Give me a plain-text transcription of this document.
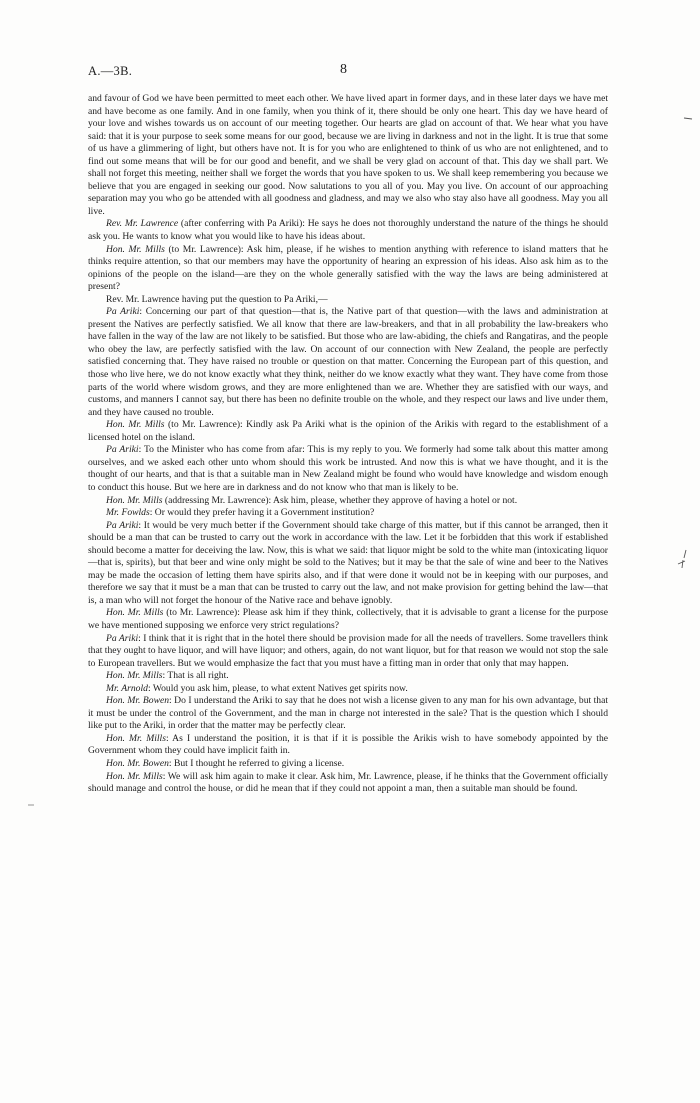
A.—3B.	8

and favour of God we have been permitted to meet each other. We have lived apart in former days, and in these later days we have met and have become as one family. And in one family, when you think of it, there should be only one heart. This day we have heard of your love and wishes towards us on account of our meeting together. Our hearts are glad on account of that. We hear what you have said: that it is your purpose to seek some means for our good, because we are living in darkness and not in the light. It is true that some of us have a glimmering of light, but others have not. It is for you who are enlightened to think of us who are not enlightened, and to find out some means that will be for our good and benefit, and we shall be very glad on account of that. This day we shall part. We shall not forget this meeting, neither shall we forget the words that you have spoken to us. We shall keep remembering you because we believe that you are engaged in seeking our good. Now salutations to you all of you. May you live. On account of our approaching separation may you who go be attended with all goodness and gladness, and may we also who stay also have all goodness. May you all live.

Rev. Mr. Lawrence (after conferring with Pa Ariki): He says he does not thoroughly understand the nature of the things he should ask you. He wants to know what you would like to have his ideas about.

Hon. Mr. Mills (to Mr. Lawrence): Ask him, please, if he wishes to mention anything with reference to island matters that he thinks require attention, so that our members may have the opportunity of hearing an expression of his ideas. Also ask him as to the opinions of the people on the island—are they on the whole generally satisfied with the way the laws are being administered at present?

Rev. Mr. Lawrence having put the question to Pa Ariki,—

Pa Ariki: Concerning our part of that question—that is, the Native part of that question—with the laws and administration at present the Natives are perfectly satisfied. We all know that there are law-breakers, and that in all probability the law-breakers who have fallen in the way of the law are not likely to be satisfied. But those who are law-abiding, the chiefs and Rangatiras, and the people who obey the law, are perfectly satisfied with the law. On account of our connection with New Zealand, the people are perfectly satisfied concerning that. They have raised no trouble or question on that matter. Concerning the European part of this question, and those who live here, we do not know exactly what they think, neither do we know exactly what they want. They have come from those parts of the world where wisdom grows, and they are more enlightened than we are. Whether they are satisfied with our ways, and customs, and manners I cannot say, but there has been no definite trouble on the whole, and they respect our laws and live under them, and they have caused no trouble.

Hon. Mr. Mills (to Mr. Lawrence): Kindly ask Pa Ariki what is the opinion of the Arikis with regard to the establishment of a licensed hotel on the island.

Pa Ariki: To the Minister who has come from afar: This is my reply to you. We formerly had some talk about this matter among ourselves, and we asked each other unto whom should this work be intrusted. And now this is what we have thought, and it is the thought of our hearts, and that is that a suitable man in New Zealand might be found who would have knowledge and wisdom enough to conduct this house. But we here are in darkness and do not know who that man is likely to be.

Hon. Mr. Mills (addressing Mr. Lawrence): Ask him, please, whether they approve of having a hotel or not.

Mr. Fowlds: Or would they prefer having it a Government institution?

Pa Ariki: It would be very much better if the Government should take charge of this matter, but if this cannot be arranged, then it should be a man that can be trusted to carry out the work in accordance with the law. Let it be forbidden that this work if established should become a matter for deceiving the law. Now, this is what we said: that liquor might be sold to the white man (intoxicating liquor—that is, spirits), but that beer and wine only might be sold to the Natives; but it may be that the sale of wine and beer to the Natives may be made the occasion of letting them have spirits also, and if that were done it would not be in keeping with our purposes, and therefore we say that it must be a man that can be trusted to carry out the law, and not make provision for getting behind the law—that is, a man who will not forget the honour of the Native race and behave ignobly.

Hon. Mr. Mills (to Mr. Lawrence): Please ask him if they think, collectively, that it is advisable to grant a license for the purpose we have mentioned supposing we enforce very strict regulations?

Pa Ariki: I think that it is right that in the hotel there should be provision made for all the needs of travellers. Some travellers think that they ought to have liquor, and will have liquor; and others, again, do not want liquor, but for that reason we would not stop the sale to European travellers. But we would emphasize the fact that you must have a fitting man in order that only that may happen.

Hon. Mr. Mills: That is all right.

Mr. Arnold: Would you ask him, please, to what extent Natives get spirits now.

Hon. Mr. Bowen: Do I understand the Ariki to say that he does not wish a license given to any man for his own advantage, but that it must be under the control of the Government, and the man in charge not interested in the sale? That is the question which I should like put to the Ariki, in order that the matter may be perfectly clear.

Hon. Mr. Mills: As I understand the position, it is that if it is possible the Arikis wish to have somebody appointed by the Government whom they could have implicit faith in.

Hon. Mr. Bowen: But I thought he referred to giving a license.

Hon. Mr. Mills: We will ask him again to make it clear. Ask him, Mr. Lawrence, please, if he thinks that the Government officially should manage and control the house, or did he mean that if they could not appoint a man, then a suitable man should be found.
